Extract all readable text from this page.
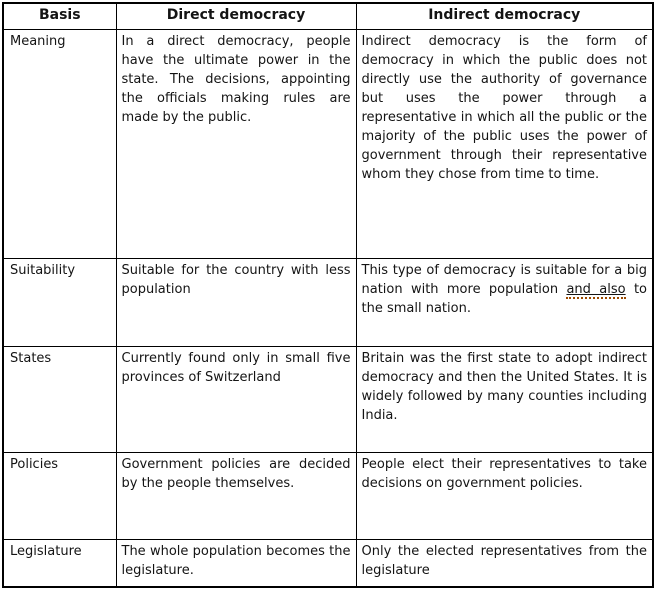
Basis	Direct democracy	Indirect democracy
Meaning	In a direct democracy, people have the ultimate power in the state. The decisions, appointing the officials making rules are made by the public.	Indirect democracy is the form of democracy in which the public does not directly use the authority of governance but uses the power through a representative in which all the public or the majority of the public uses the power of government through their representative whom they chose from time to time.
Suitability	Suitable for the country with less population	This type of democracy is suitable for a big nation with more population and also to the small nation.
States	Currently found only in small five provinces of Switzerland	Britain was the first state to adopt indirect democracy and then the United States. It is widely followed by many counties including India.
Policies	Government policies are decided by the people themselves.	People elect their representatives to take decisions on government policies.
Legislature	The whole population becomes the legislature.	Only the elected representatives from the legislature
